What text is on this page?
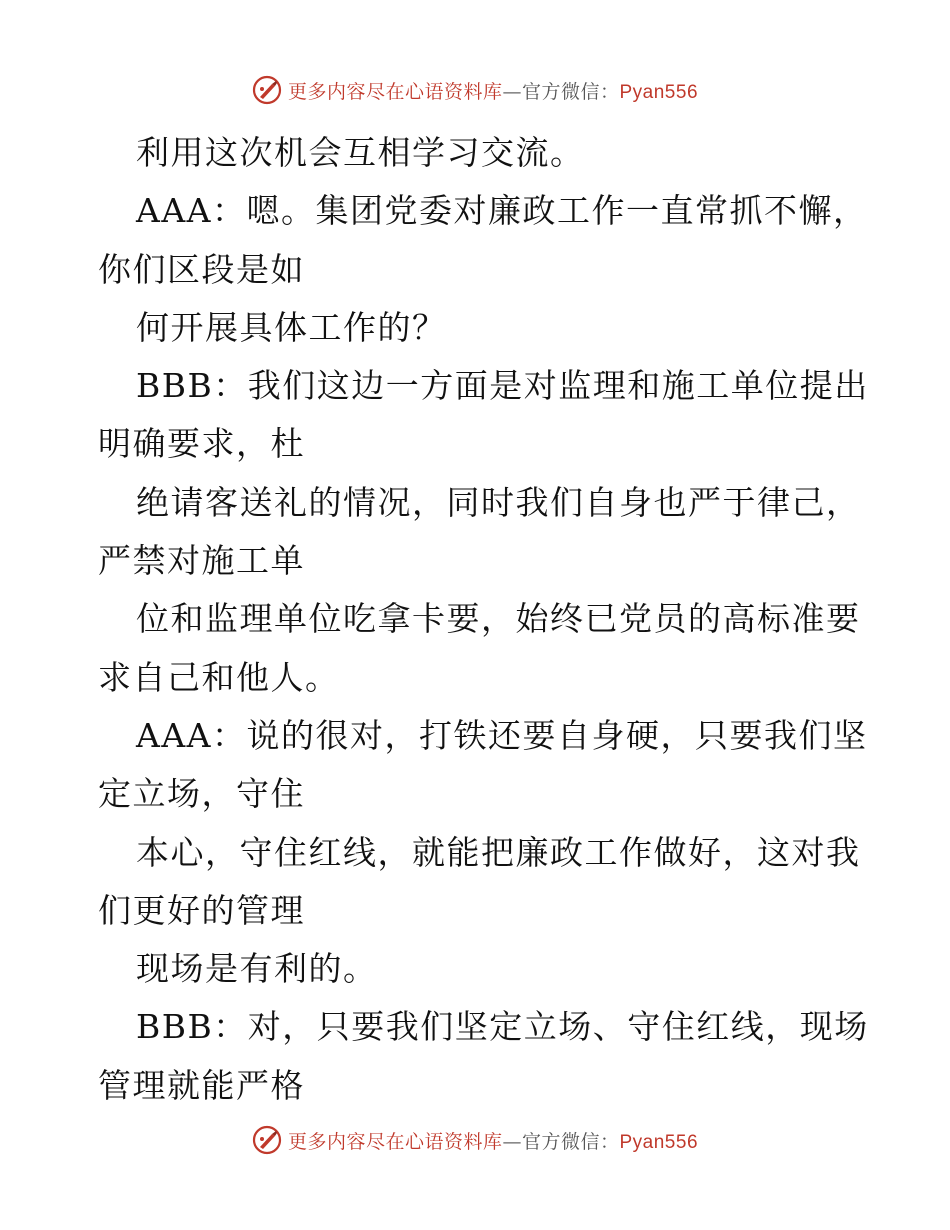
更多内容尽在心语资料库—官方微信：Pyan556
利用这次机会互相学习交流。
AAA：嗯。集团党委对廉政工作一直常抓不懈，
你们区段是如
何开展具体工作的？
BBB：我们这边一方面是对监理和施工单位提出
明确要求，杜
绝请客送礼的情况，同时我们自身也严于律己，
严禁对施工单
位和监理单位吃拿卡要，始终已党员的高标准要
求自己和他人。
AAA：说的很对，打铁还要自身硬，只要我们坚
定立场，守住
本心，守住红线，就能把廉政工作做好，这对我
们更好的管理
现场是有利的。
BBB：对，只要我们坚定立场、守住红线，现场
管理就能严格
更多内容尽在心语资料库—官方微信：Pyan556
